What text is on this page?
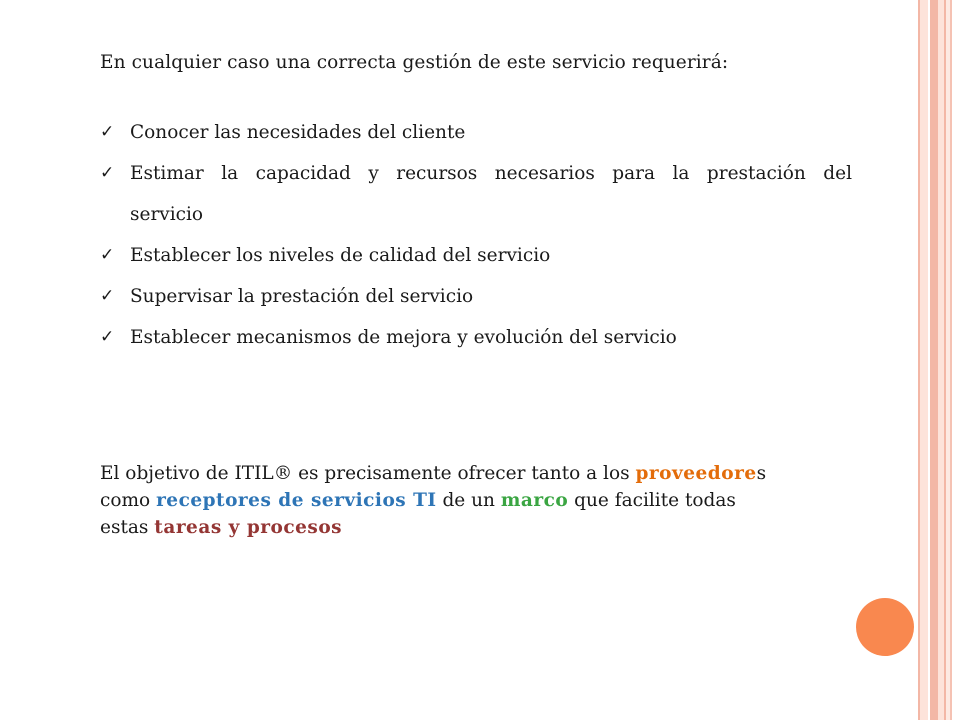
En cualquier caso una correcta gestión de este servicio requerirá:
✓ Conocer las necesidades del cliente
✓ Estimar la capacidad y recursos necesarios para la prestación del
servicio
✓ Establecer los niveles de calidad del servicio
✓ Supervisar la prestación del servicio
✓ Establecer mecanismos de mejora y evolución del servicio
El objetivo de ITIL® es precisamente ofrecer tanto a los proveedores
como receptores de servicios TI de un marco que facilite todas
estas tareas y procesos
